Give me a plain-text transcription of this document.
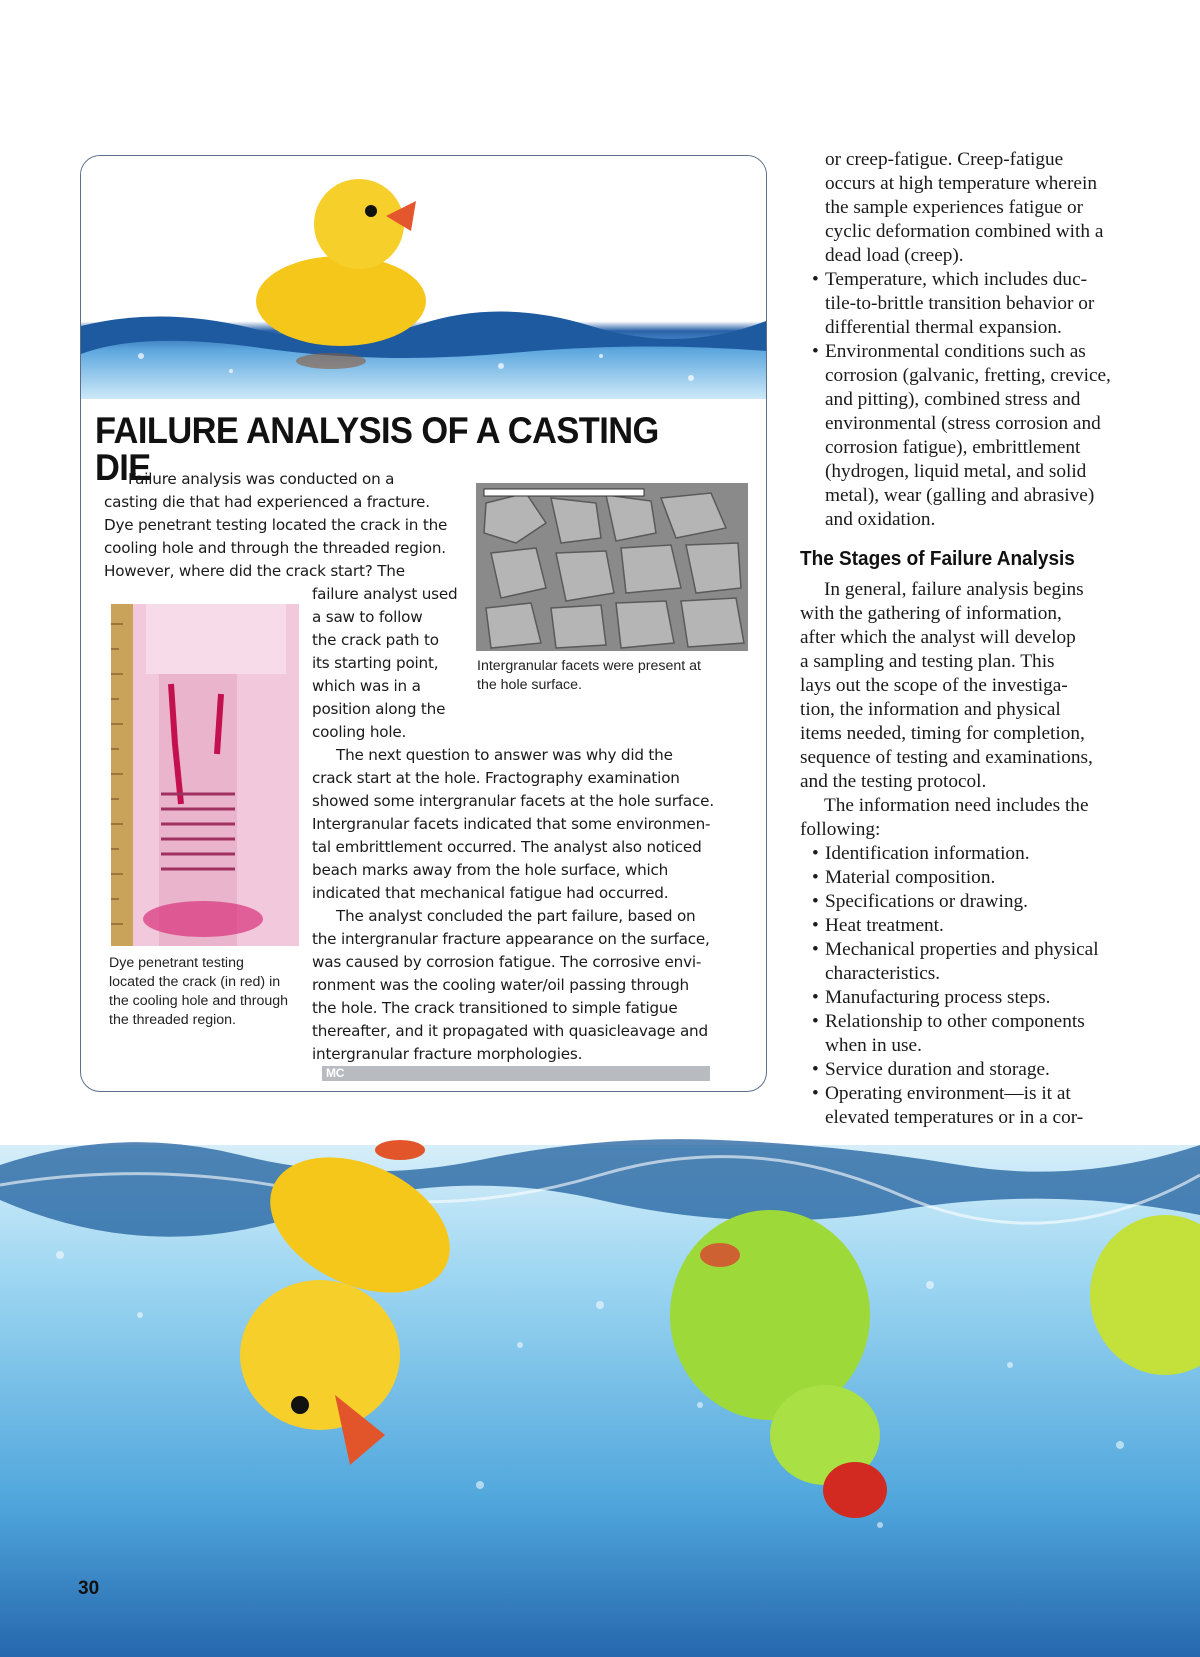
FAILURE ANALYSIS OF A CASTING DIE

Failure analysis was conducted on a
casting die that had experienced a fracture.
Dye penetrant testing located the crack in the
cooling hole and through the threaded region.
However, where did the crack start? The

Intergranular facets were present at
the hole surface.

Dye penetrant testing
located the crack (in red) in
the cooling hole and through
the threaded region.

failure analyst used
a saw to follow
the crack path to
its starting point,
which was in a
position along the
cooling hole.

The next question to answer was why did the
crack start at the hole. Fractography examination
showed some intergranular facets at the hole surface.
Intergranular facets indicated that some environmen-
tal embrittlement occurred. The analyst also noticed
beach marks away from the hole surface, which
indicated that mechanical fatigue had occurred.

The analyst concluded the part failure, based on
the intergranular fracture appearance on the surface,
was caused by corrosion fatigue. The corrosive envi-
ronment was the cooling water/oil passing through
the hole. The crack transitioned to simple fatigue
thereafter, and it propagated with quasicleavage and
intergranular fracture morphologies.
MC

or creep-fatigue. Creep-fatigue
occurs at high temperature wherein
the sample experiences fatigue or
cyclic deformation combined with a
dead load (creep).

• Temperature, which includes duc-
tile-to-brittle transition behavior or
differential thermal expansion.
• Environmental conditions such as
corrosion (galvanic, fretting, crevice,
and pitting), combined stress and
environmental (stress corrosion and
corrosion fatigue), embrittlement
(hydrogen, liquid metal, and solid
metal), wear (galling and abrasive)
and oxidation.
The Stages of Failure Analysis

In general, failure analysis begins
with the gathering of information,
after which the analyst will develop
a sampling and testing plan. This
lays out the scope of the investiga-
tion, the information and physical
items needed, timing for completion,
sequence of testing and examinations,
and the testing protocol.

The information need includes the
following:

• Identification information.
• Material composition.
• Specifications or drawing.
• Heat treatment.
• Mechanical properties and physical
characteristics.
• Manufacturing process steps.
• Relationship to other components
when in use.
• Service duration and storage.
• Operating environment—is it at
elevated temperatures or in a cor-
30
